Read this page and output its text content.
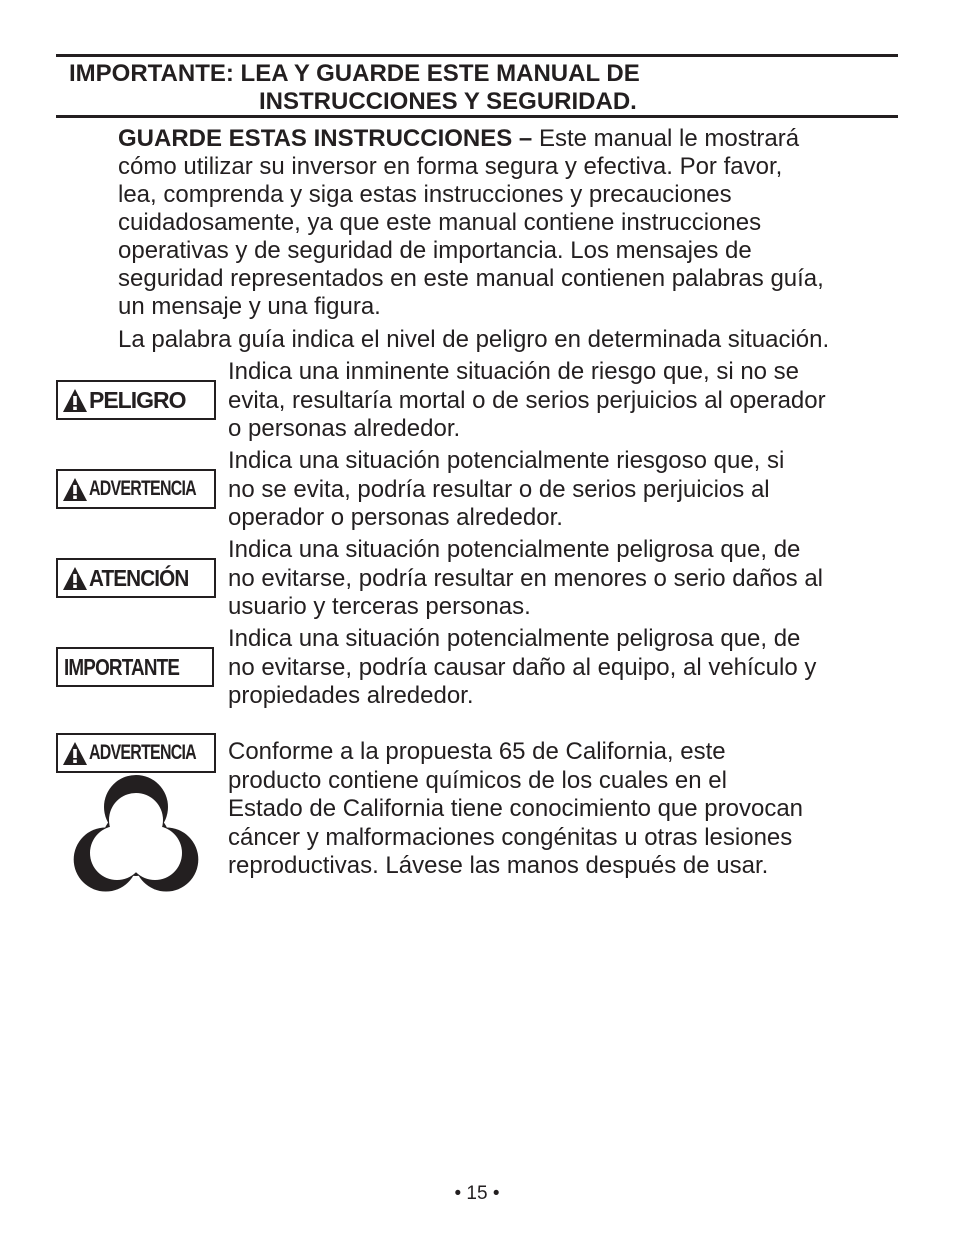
IMPORTANTE: LEA Y GUARDE ESTE MANUAL DE
INSTRUCCIONES Y SEGURIDAD.

GUARDE ESTAS INSTRUCCIONES – Este manual le mostrará
cómo utilizar su inversor en forma segura y efectiva. Por favor,
lea, comprenda y siga estas instrucciones y precauciones
cuidadosamente, ya que este manual contiene instrucciones
operativas y de seguridad de importancia. Los mensajes de
seguridad representados en este manual contienen palabras guía,
un mensaje y una figura.

La palabra guía indica el nivel de peligro en determinada situación.

PELIGRO

Indica una inminente situación de riesgo que, si no se
evita, resultaría mortal o de serios perjuicios al operador
o personas alrededor.

ADVERTENCIA

Indica una situación potencialmente riesgoso que, si
no se evita, podría resultar o de serios perjuicios al
operador o personas alrededor.

ATENCIÓN

Indica una situación potencialmente peligrosa que, de
no evitarse, podría resultar en menores o serio daños al
usuario y terceras personas.

IMPORTANTE

Indica una situación potencialmente peligrosa que, de
no evitarse, podría causar daño al equipo, al vehículo y
propiedades alrededor.

ADVERTENCIA Conforme a la propuesta 65 de California, este
producto contiene químicos de los cuales en el
Estado de California tiene conocimiento que provocan
cáncer y malformaciones congénitas u otras lesiones
reproductivas. Lávese las manos después de usar.

• 15 •
